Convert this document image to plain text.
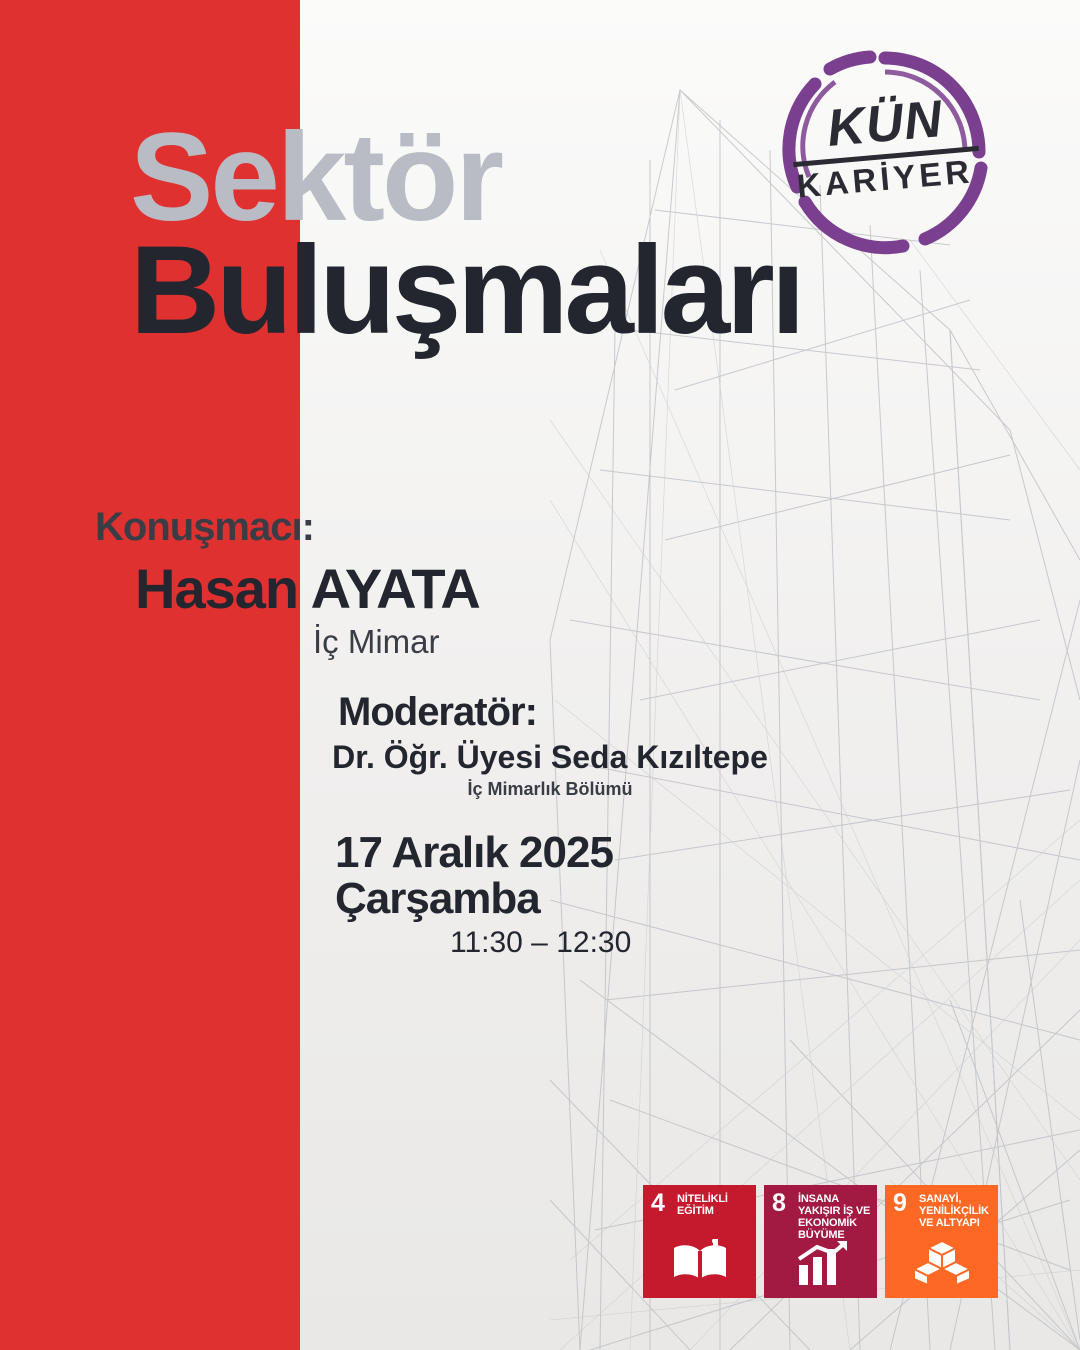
KÜN
KARİYER
Sektör
Buluşmaları
Konuşmacı:
Hasan AYATA
İç Mimar
Moderatör:
Dr. Öğr. Üyesi Seda Kızıltepe
İç Mimarlık Bölümü
17 Aralık 2025
Çarşamba
11:30 – 12:30
4 NİTELİKLİ EĞİTİM	8 İNSANA YAKIŞIR İŞ VE EKONOMİK BÜYÜME
9 SANAYİ, YENİLİKÇİLİK VE ALTYAPI
